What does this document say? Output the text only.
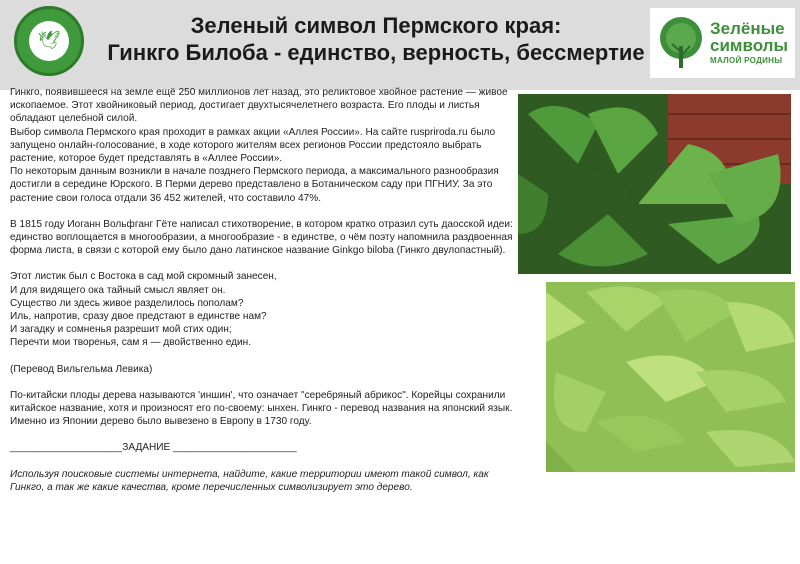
🕊
Зеленый символ Пермского края:
Гинкго Билоба - единство, верность, бессмертие
Зелёные символы
МАЛОЙ РОДИНЫ

Гинкго, появившееся на земле ещё 250 миллионов лет назад, это реликтовое хвойное растение — живое ископаемое. Этот хвойниковый период, достигает двухтысячелетнего возраста. Его плоды и листья обладают целебной силой.

Выбор символа Пермского края проходит в рамках акции «Аллея России». На сайте rusprirodа.ru было запущено онлайн-голосование, в ходе которого жителям всех регионов России предстояло выбрать растение, которое будет представлять в «Аллее России».

По некоторым данным возникли в начале позднего Пермского периода, а максимального разнообразия достигли в середине Юрского. В Перми дерево представлено в Ботаническом саду при ПГНИУ. За это растение свои голоса отдали 36 452 жителей, что составило 47%.

В 1815 году Иоганн Вольфганг Гёте написал стихотворение, в котором кратко отразил суть даосской идеи: единство воплощается в многообразии, а многообразие - в единстве, о чём поэту напомнила раздвоенная форма листа, в связи с которой ему было дано латинское название Ginkgo biloba (Гинкго двулопастный).

Этот листик был с Востока в сад мой скромный занесен,

И для видящего ока тайный смысл являет он.

Существо ли здесь живое разделилось пополам?

Иль, напротив, сразу двое предстают в единстве нам?

И загадку и сомненья разрешит мой стих один;

Перечти мои творенья, сам я — двойственно един.

(Перевод Вильгельма Левика)

По-китайски плоды дерева называются 'иншин', что означает "серебряный абрикос". Корейцы сохранили китайское название, хотя и произносят его по-своему: ынхен. Гинкго - перевод названия на японский язык. Именно из Японии дерево было вывезено в Европу в 1730 году.

____________________ЗАДАНИЕ ______________________

Используя поисковые системы интернета, найдите, какие территории имеют такой символ, как Гинкго, а так же какие качества, кроме перечисленных символизирует это дерево.
